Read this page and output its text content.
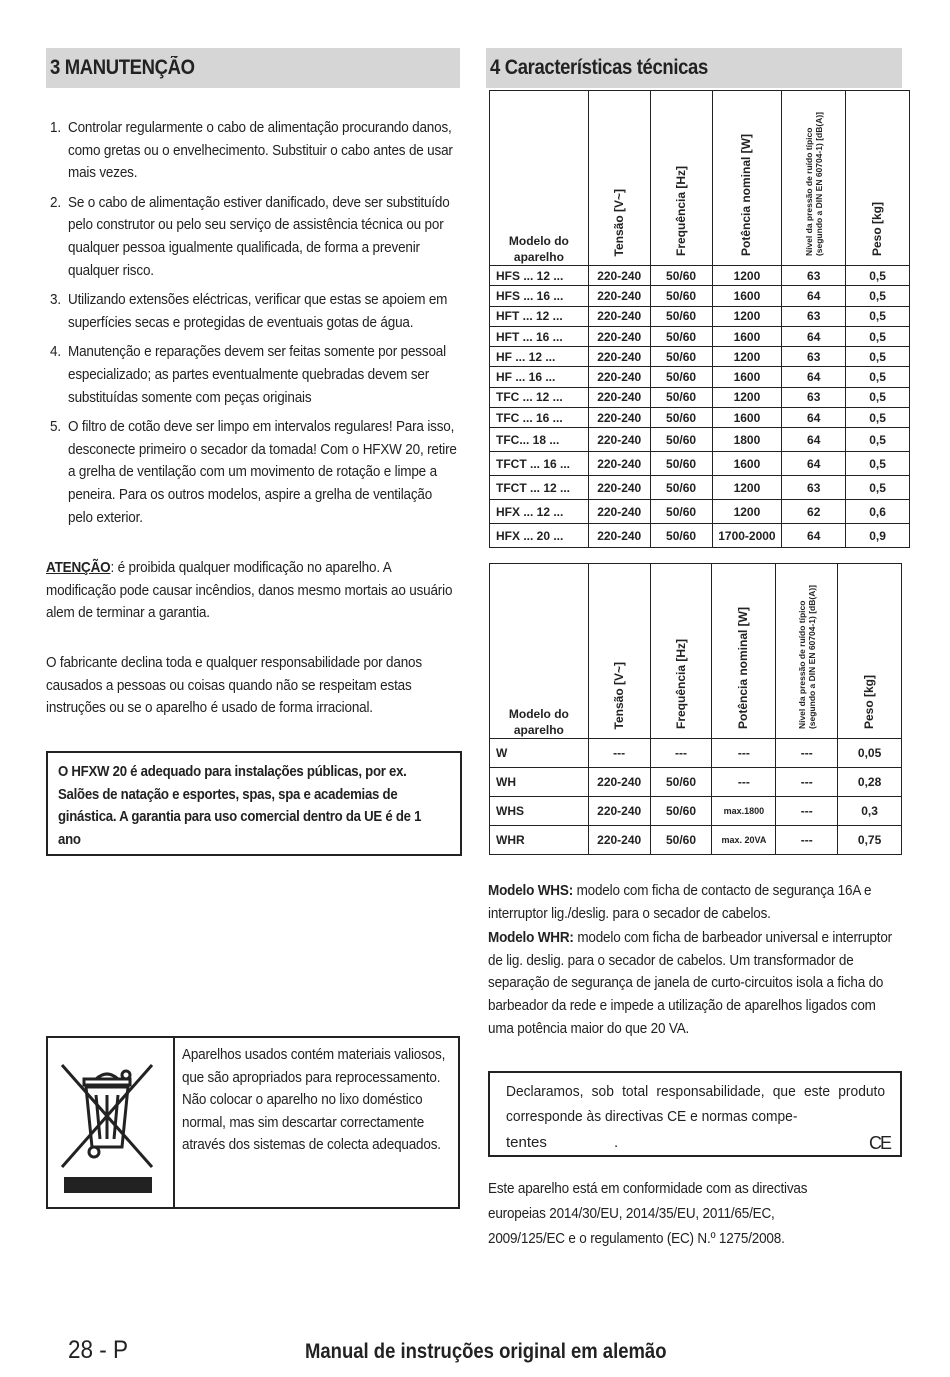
3 MANUTENÇÃO
1. Controlar regularmente o cabo de alimentação procurando danos, como gretas ou o envelhecimento. Substituir o cabo antes de usar mais vezes.
2. Se o cabo de alimentação estiver danificado, deve ser substituído pelo construtor ou pelo seu serviço de assistência técnica ou por qualquer pessoa igualmente qualificada, de forma a prevenir qualquer risco.
3. Utilizando extensões eléctricas, verificar que estas se apoiem em superfícies secas e protegidas de eventuais gotas de água.
4. Manutenção e reparações devem ser feitas somente por pessoal especializado; as partes eventualmente quebradas devem ser substituídas somente com peças originais
5. O filtro de cotão deve ser limpo em intervalos regulares! Para isso, desconecte primeiro o secador da tomada! Com o HFXW 20, retire a grelha de ventilação com um movimento de rotação e limpe a peneira. Para os outros modelos, aspire a grelha de ventilação pelo exterior.
ATENÇÃO: é proibida qualquer modificação no aparelho. A modificação pode causar incêndios, danos mesmo mortais ao usuário alem de terminar a garantia.
O fabricante declina toda e qualquer responsabilidade por danos causados a pessoas ou coisas quando não se respeitam estas instruções ou se o aparelho é usado de forma irracional.
O HFXW 20 é adequado para instalações públicas, por ex. Salões de natação e esportes, spas, spa e academias de ginástica. A garantia para uso comercial dentro da UE é de 1 ano
Aparelhos usados contém materiais valiosos, que são apropriados para reprocessamento. Não colocar o aparelho no lixo doméstico normal, mas sim descartar correctamente através dos sistemas de colecta adequados.
4 Características técnicas
Modelo do aparelho	Tensão [V~]	Frequência [Hz]	Potência nominal [W]	Nível da pressão de ruído típico
(segundo a DIN EN 60704-1) [dB(A)]	Peso [kg]
HFS ... 12 ...	220-240	50/60	1200	63	0,5
HFS ... 16 ...	220-240	50/60	1600	64	0,5
HFT ... 12 ...	220-240	50/60	1200	63	0,5
HFT ... 16 ...	220-240	50/60	1600	64	0,5
HF ... 12 ...	220-240	50/60	1200	63	0,5
HF ... 16 ...	220-240	50/60	1600	64	0,5
TFC ... 12 ...	220-240	50/60	1200	63	0,5
TFC ... 16 ...	220-240	50/60	1600	64	0,5
TFC... 18 ...	220-240	50/60	1800	64	0,5
TFCT ... 16 ...	220-240	50/60	1600	64	0,5
TFCT ... 12 ...	220-240	50/60	1200	63	0,5
HFX ... 12 ...	220-240	50/60	1200	62	0,6
HFX ... 20 ...	220-240	50/60	1700-2000	64	0,9
Modelo do aparelho	Tensão [V~]	Frequência [Hz]	Potência nominal [W]	Nível da pressão de ruído típico
(segundo a DIN EN 60704-1) [dB(A)]	Peso [kg]
W	---	---	---	---	0,05
WH	220-240	50/60	---	---	0,28
WHS	220-240	50/60	max.1800	---	0,3
WHR	220-240	50/60	max. 20VA	---	0,75

Modelo WHS: modelo com ficha de contacto de segurança 16A e interruptor lig./deslig. para o secador de cabelos.

Modelo WHR: modelo com ficha de barbeador universal e interruptor de lig. deslig. para o secador de cabelos. Um transformador de separação de segurança de janela de curto-circuitos isola a ficha do barbeador da rede e impede a utilização de aparelhos ligados com uma potência maior do que 20 VA.

Declaramos, sob total responsabilidade, que este produto corresponde às directivas CE e normas compe-
tentes	.	CE
Este aparelho está em conformidade com as directivas europeias 2014/30/EU, 2014/35/EU, 2011/65/EC, 2009/125/EC e o regulamento (EC) N.º 1275/2008.
28 - P	Manual de instruções original em alemão
